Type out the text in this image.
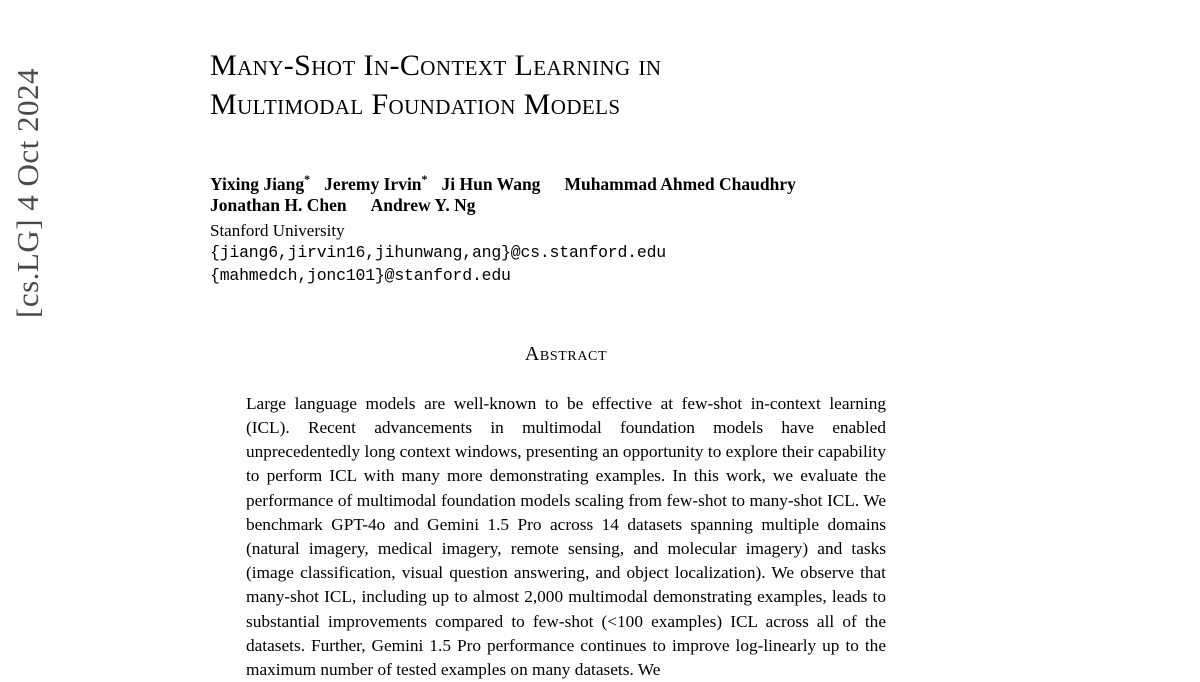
[cs.LG] 4 Oct 2024
Many-Shot In-Context Learning in
Multimodal Foundation Models
Yixing Jiang* Jeremy Irvin* Ji Hun Wang Muhammad Ahmed Chaudhry
Jonathan H. Chen Andrew Y. Ng
Stanford University
{jiang6,jirvin16,jihunwang,ang}@cs.stanford.edu
{mahmedch,jonc101}@stanford.edu
Abstract
Large language models are well-known to be effective at few-shot in-context learning (ICL). Recent advancements in multimodal foundation models have enabled unprecedentedly long context windows, presenting an opportunity to explore their capability to perform ICL with many more demonstrating examples. In this work, we evaluate the performance of multimodal foundation models scaling from few-shot to many-shot ICL. We benchmark GPT-4o and Gemini 1.5 Pro across 14 datasets spanning multiple domains (natural imagery, medical imagery, remote sensing, and molecular imagery) and tasks (image classification, visual question answering, and object localization). We observe that many-shot ICL, including up to almost 2,000 multimodal demonstrating examples, leads to substantial improvements compared to few-shot (<100 examples) ICL across all of the datasets. Further, Gemini 1.5 Pro performance continues to improve log-linearly up to the maximum number of tested examples on many datasets. We
